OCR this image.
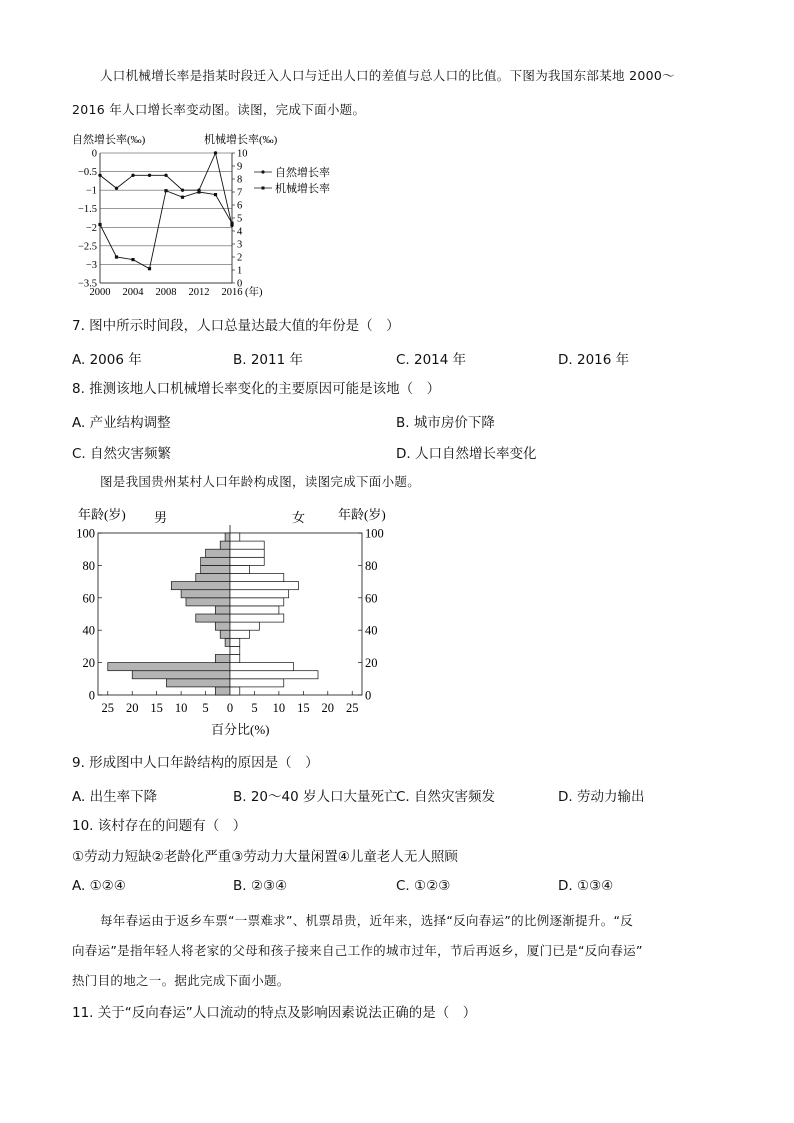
人口机械增长率是指某时段迁入人口与迁出人口的差值与总人口的比值。下图为我国东部某地 2000～
2016 年人口增长率变动图。读图，完成下面小题。
自然增长率(‰)	机械增长率(‰)
0
−0.5
−1
−1.5
−2
−2.5
−3
−3.5
10
9
8
7
6
5
4
3
2
1
0
2000 2004 2008 2012 2016 (年)
自然增长率
机械增长率
7. 图中所示时间段，人口总量达最大值的年份是（　）
A. 2006 年	B. 2011 年	C. 2014 年	D. 2016 年
8. 推测该地人口机械增长率变化的主要原因可能是该地（　）
A. 产业结构调整	B. 城市房价下降
C. 自然灾害频繁	D. 人口自然增长率变化
图是我国贵州某村人口年龄构成图，读图完成下面小题。
年龄(岁)	年龄(岁)
男	女
0	0
20	20
40	40
60	60
80	80
100	100
25 20 15 10 5 0 5 10 15 20 25
百分比(%)
9. 形成图中人口年龄结构的原因是（　）
A. 出生率下降	B. 20～40 岁人口大量死亡
C. 自然灾害频发	D. 劳动力输出
10. 该村存在的问题有（　）
①劳动力短缺②老龄化严重③劳动力大量闲置④儿童老人无人照顾
A. ①②④	B. ②③④	C. ①②③	D. ①③④
每年春运由于返乡车票“一票难求”、机票昂贵，近年来，选择“反向春运”的比例逐渐提升。“反
向春运”是指年轻人将老家的父母和孩子接来自己工作的城市过年，节后再返乡，厦门已是“反向春运”
热门目的地之一。据此完成下面小题。
11. 关于“反向春运”人口流动的特点及影响因素说法正确的是（　）
